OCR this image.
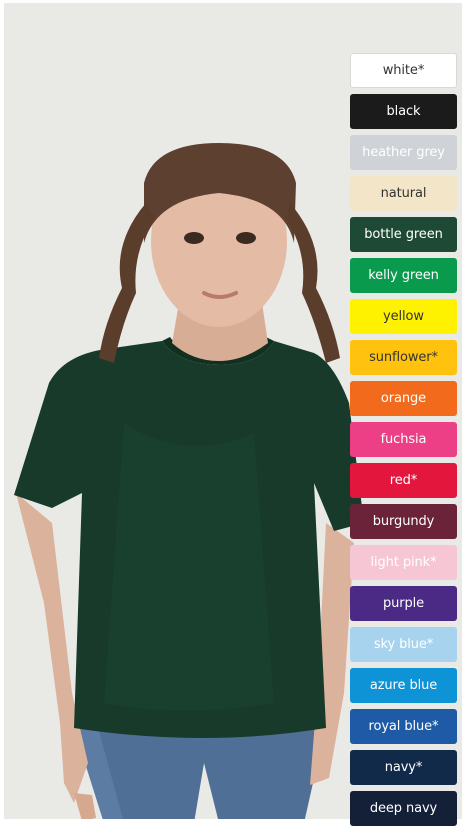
white*
black
heather grey
natural
bottle green
kelly green
yellow
sunflower*
orange
fuchsia
red*
burgundy
light pink*
purple
sky blue*
azure blue
royal blue*
navy*
deep navy
